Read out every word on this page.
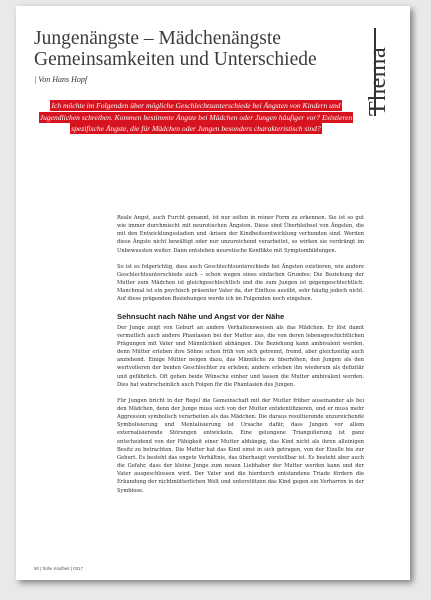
Jungenängste – Mädchenängste Gemeinsamkeiten und Unterschiede
| Von Hans Hopf	Thema
Ich möchte im Folgenden über mögliche Geschlechtsunterschiede bei Ängsten von Kindern und Jugendlichen schreiben. Kommen bestimmte Ängste bei Mädchen oder Jungen häufiger vor? Existieren spezifische Ängste, die für Mädchen oder Jungen besonders charakteristisch sind?

Reale Angst, auch Furcht genannt, ist nur selten in reiner Form zu erkennen. Sie ist so gut wie immer durchmischt mit neurotischen Ängsten. Diese sind Überbleibsel von Ängsten, die mit den Entwicklungsstadien und -krisen der Kindheitsentwicklung verbunden sind. Werden diese Ängste nicht bewältigt oder nur unzureichend verarbeitet, so wirken sie verdrängt im Unbewussten weiter. Dann entstehen neurotische Konflikte mit Symptombildungen.

So ist es folgerichtig, dass auch Geschlechtsunterschiede bei Ängsten existieren, wie andere Geschlechtsunterschiede auch – schon wegen eines einfachen Grundes: Die Beziehung der Mutter zum Mädchen ist gleichgeschlechtlich und die zum Jungen ist gegengeschlechtlich. Manchmal ist ein psychisch präsenter Vater da, der Einfluss ausübt, sehr häufig jedoch nicht. Auf diese prägenden Beziehungen werde ich im Folgenden noch eingehen.

Sehnsucht nach Nähe und Angst vor der Nähe

Der Junge zeigt von Geburt an andere Verhaltensweisen als das Mädchen. Er löst damit vermutlich auch andere Phantasien bei der Mutter aus, die von deren lebensgeschichtlichen Prägungen mit Vater und Männlichkeit abhängen. Die Beziehung kann ambivalent werden, denn Mütter erleben ihre Söhne schon früh von sich getrennt, fremd, aber gleichzeitig auch anziehend. Einige Mütter neigen dazu, das Männliche zu überhöhen, den Jungen als den wertvolleren der beiden Geschlechter zu erleben; andere erleben ihn wiederum als defizitär und gefährlich. Oft gehen beide Wünsche einher und lassen die Mutter ambivalent werden. Dies hat wahrscheinlich auch Folgen für die Phantasien des Jungen.

Für Jungen bricht in der Regel die Gemeinschaft mit der Mutter früher auseinander als bei den Mädchen, denn der Junge muss sich von der Mutter entidentifizieren, und er muss mehr Aggression symbolisch verarbeiten als das Mädchen. Die daraus resultierende unzureichende Symbolisierung und Mentalisierung ist Ursache dafür, dass Jungen vor allem externalisierende Störungen entwickeln. Eine gelungene Triangulierung ist ganz entscheidend von der Fähigkeit einer Mutter abhängig, das Kind nicht als ihren alleinigen Besitz zu betrachten. Die Mutter hat das Kind einst in sich getragen, von der Eizelle bis zur Geburt. Es besteht das engste Verhältnis, das überhaupt vorstellbar ist. Es besteht aber auch die Gefahr, dass der kleine Junge zum neuen Liebhaber der Mutter werden kann und der Vater ausgeschlossen wird. Der Vater und die hierdurch entstandene Triade fördern die Erkundung der nichtmütterlichen Welt und unterstützen das Kind gegen ein Verharren in der Symbiose.

90 | frühe Kindheit | 0317
